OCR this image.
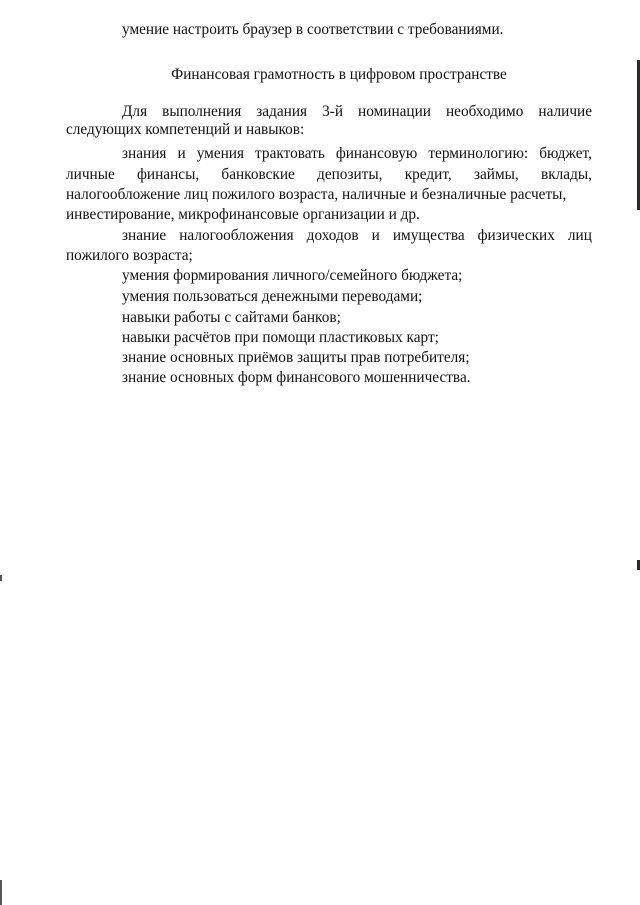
умение настроить браузер в соответствии с требованиями.
Финансовая грамотность в цифровом пространстве
Для выполнения задания 3-й номинации необходимо наличие
следующих компетенций и навыков:
знания и умения трактовать финансовую терминологию: бюджет,
личные финансы, банковские депозиты, кредит, займы, вклады,
налогообложение лиц пожилого возраста, наличные и безналичные расчеты,
инвестирование, микрофинансовые организации и др.
знание налогообложения доходов и имущества физических лиц
пожилого возраста;
умения формирования личного/семейного бюджета;
умения пользоваться денежными переводами;
навыки работы с сайтами банков;
навыки расчётов при помощи пластиковых карт;
знание основных приёмов защиты прав потребителя;
знание основных форм финансового мошенничества.
